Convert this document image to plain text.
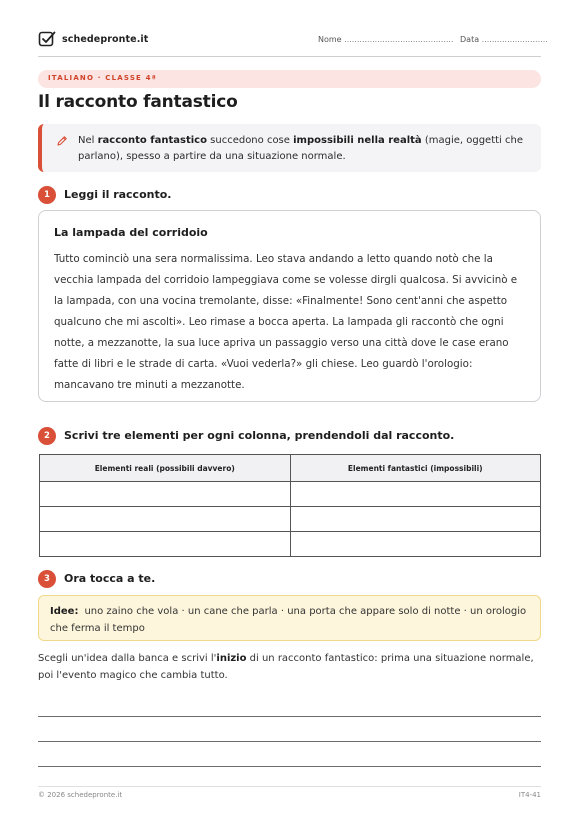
schedepronte.it	Nome ........................................... Data ..........................
ITALIANO · CLASSE 4ª
Il racconto fantastico
Nel racconto fantastico succedono cose impossibili nella realtà (magie, oggetti che parlano), spesso a partire da una situazione normale.
1	Leggi il racconto.
La lampada del corridoio
Tutto cominciò una sera normalissima. Leo stava andando a letto quando notò che la vecchia lampada del corridoio lampeggiava come se volesse dirgli qualcosa. Si avvicinò e la lampada, con una vocina tremolante, disse: «Finalmente! Sono cent'anni che aspetto qualcuno che mi ascolti». Leo rimase a bocca aperta. La lampada gli raccontò che ogni notte, a mezzanotte, la sua luce apriva un passaggio verso una città dove le case erano fatte di libri e le strade di carta. «Vuoi vederla?» gli chiese. Leo guardò l'orologio: mancavano tre minuti a mezzanotte.
2	Scrivi tre elementi per ogni colonna, prendendoli dal racconto.
Elementi reali (possibili davvero)	Elementi fantastici (impossibili)

3	Ora tocca a te.
Idee: uno zaino che vola · un cane che parla · una porta che appare solo di notte · un orologio che ferma il tempo
Scegli un'idea dalla banca e scrivi l'inizio di un racconto fantastico: prima una situazione normale, poi l'evento magico che cambia tutto.
© 2026 schedepronte.it	IT4-41
